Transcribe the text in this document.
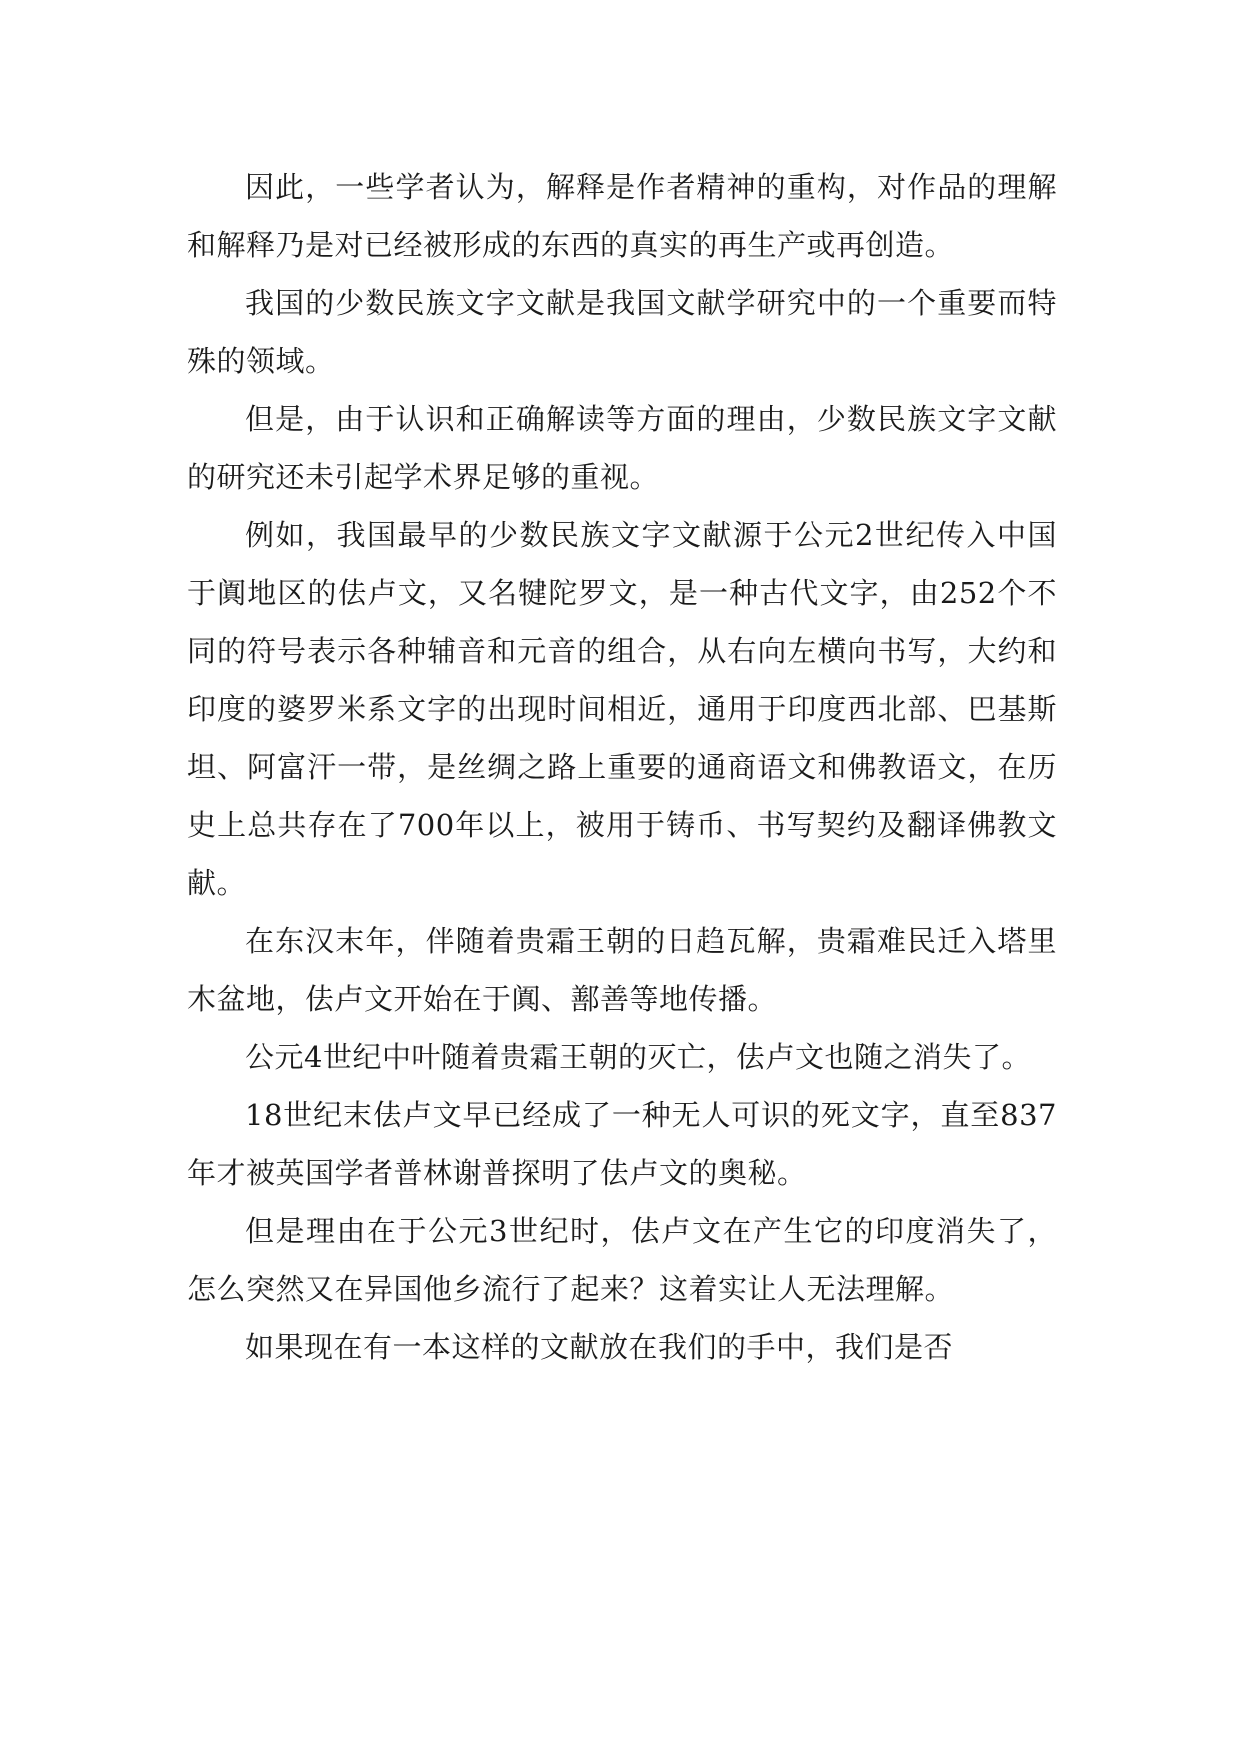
因此，一些学者认为，解释是作者精神的重构，对作品的理解和解释乃是对已经被形成的东西的真实的再生产或再创造。

我国的少数民族文字文献是我国文献学研究中的一个重要而特殊的领域。

但是，由于认识和正确解读等方面的理由，少数民族文字文献的研究还未引起学术界足够的重视。

例如，我国最早的少数民族文字文献源于公元2世纪传入中国于阗地区的佉卢文，又名犍陀罗文，是一种古代文字，由252个不同的符号表示各种辅音和元音的组合，从右向左横向书写，大约和印度的婆罗米系文字的出现时间相近，通用于印度西北部、巴基斯坦、阿富汗一带，是丝绸之路上重要的通商语文和佛教语文，在历史上总共存在了700年以上，被用于铸币、书写契约及翻译佛教文献。

在东汉末年，伴随着贵霜王朝的日趋瓦解，贵霜难民迁入塔里木盆地，佉卢文开始在于阗、鄯善等地传播。

公元4世纪中叶随着贵霜王朝的灭亡，佉卢文也随之消失了。

18世纪末佉卢文早已经成了一种无人可识的死文字，直至837年才被英国学者普林谢普探明了佉卢文的奥秘。

但是理由在于公元3世纪时，佉卢文在产生它的印度消失了，怎么突然又在异国他乡流行了起来？这着实让人无法理解。

如果现在有一本这样的文献放在我们的手中，我们是否
